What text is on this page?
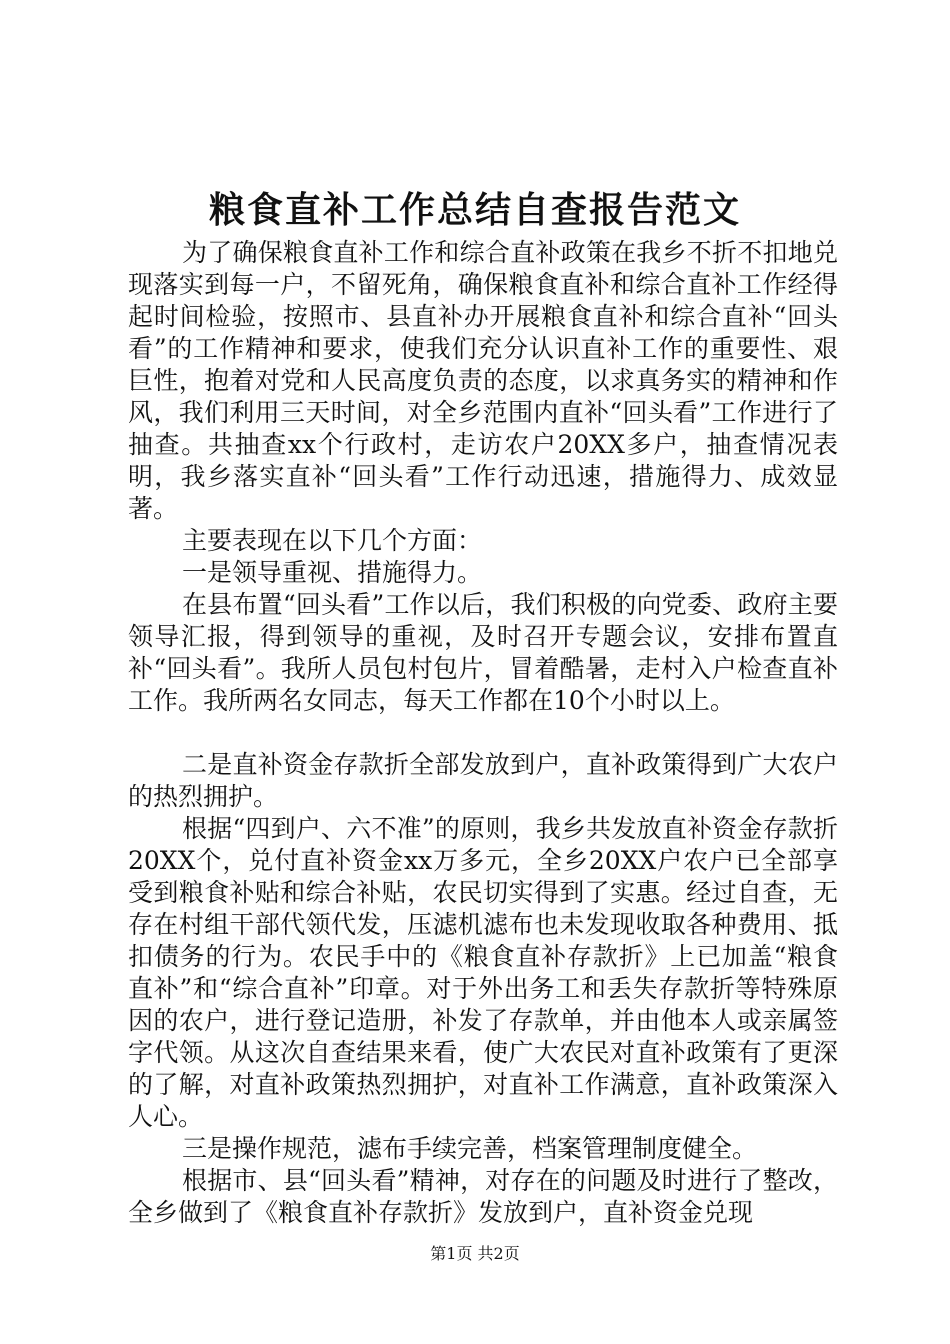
粮食直补工作总结自查报告范文

为了确保粮食直补工作和综合直补政策在我乡不折不扣地兑现落实到每一户，不留死角，确保粮食直补和综合直补工作经得起时间检验，按照市、县直补办开展粮食直补和综合直补“回头看”的工作精神和要求，使我们充分认识直补工作的重要性、艰巨性，抱着对党和人民高度负责的态度，以求真务实的精神和作风，我们利用三天时间，对全乡范围内直补“回头看”工作进行了抽查。共抽查xx个行政村，走访农户20XX多户，抽查情况表明，我乡落实直补“回头看”工作行动迅速，措施得力、成效显著。

主要表现在以下几个方面：

一是领导重视、措施得力。

在县布置“回头看”工作以后，我们积极的向党委、政府主要领导汇报，得到领导的重视，及时召开专题会议，安排布置直补“回头看”。我所人员包村包片，冒着酷暑，走村入户检查直补工作。我所两名女同志，每天工作都在10个小时以上。

二是直补资金存款折全部发放到户，直补政策得到广大农户的热烈拥护。

根据“四到户、六不准”的原则，我乡共发放直补资金存款折20XX个，兑付直补资金xx万多元，全乡20XX户农户已全部享受到粮食补贴和综合补贴，农民切实得到了实惠。经过自查，无存在村组干部代领代发，压滤机滤布也未发现收取各种费用、抵扣债务的行为。农民手中的《粮食直补存款折》上已加盖“粮食直补”和“综合直补”印章。对于外出务工和丢失存款折等特殊原因的农户，进行登记造册，补发了存款单，并由他本人或亲属签字代领。从这次自查结果来看，使广大农民对直补政策有了更深的了解，对直补政策热烈拥护，对直补工作满意，直补政策深入人心。

三是操作规范，滤布手续完善，档案管理制度健全。

根据市、县“回头看”精神，对存在的问题及时进行了整改，全乡做到了《粮食直补存款折》发放到户，直补资金兑现

第1页 共2页
